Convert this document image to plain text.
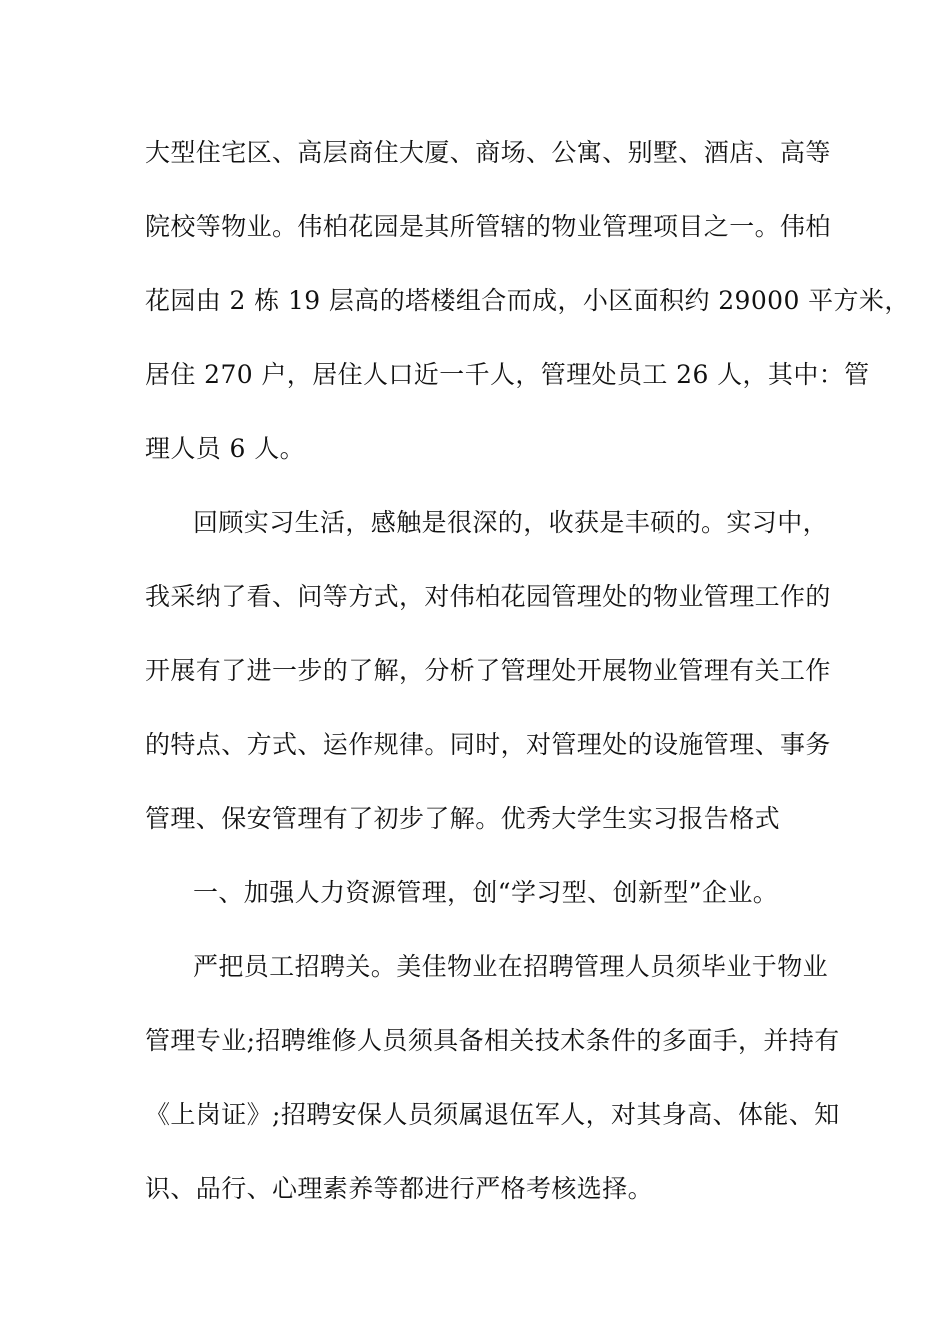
大型住宅区、高层商住大厦、商场、公寓、别墅、酒店、高等

院校等物业。伟柏花园是其所管辖的物业管理项目之一。伟柏

花园由 2 栋 19 层高的塔楼组合而成，小区面积约 29000 平方米，

居住 270 户，居住人口近一千人，管理处员工 26 人，其中：管

理人员 6 人。

回顾实习生活，感触是很深的，收获是丰硕的。实习中，

我采纳了看、问等方式，对伟柏花园管理处的物业管理工作的

开展有了进一步的了解，分析了管理处开展物业管理有关工作

的特点、方式、运作规律。同时，对管理处的设施管理、事务

管理、保安管理有了初步了解。优秀大学生实习报告格式

一、加强人力资源管理，创“学习型、创新型”企业。

严把员工招聘关。美佳物业在招聘管理人员须毕业于物业

管理专业;招聘维修人员须具备相关技术条件的多面手，并持有

《上岗证》;招聘安保人员须属退伍军人，对其身高、体能、知

识、品行、心理素养等都进行严格考核选择。
